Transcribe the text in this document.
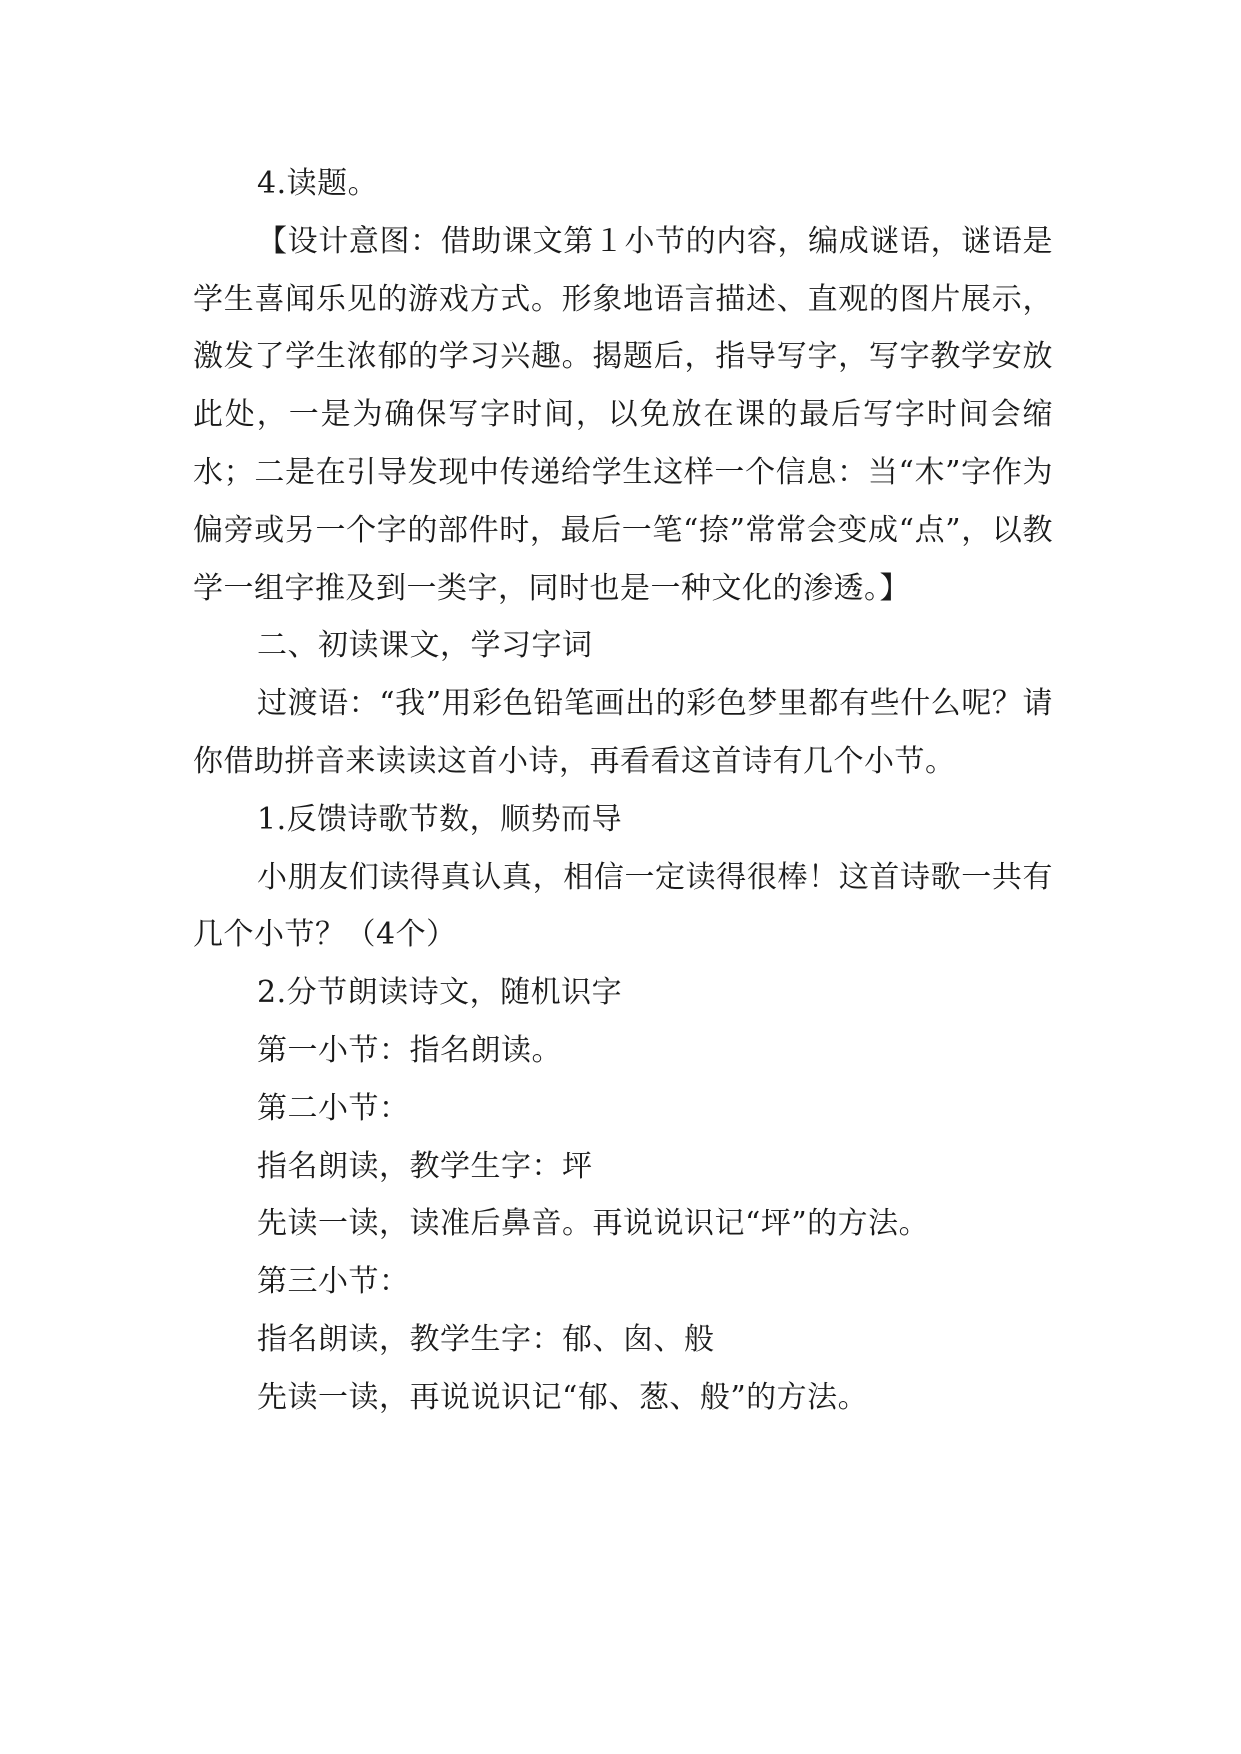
4.读题。

【设计意图：借助课文第１小节的内容，编成谜语，谜语是学生喜闻乐见的游戏方式。形象地语言描述、直观的图片展示，激发了学生浓郁的学习兴趣。揭题后，指导写字，写字教学安放此处，一是为确保写字时间，以免放在课的最后写字时间会缩水；二是在引导发现中传递给学生这样一个信息：当“木”字作为偏旁或另一个字的部件时，最后一笔“捺”常常会变成“点”，以教学一组字推及到一类字，同时也是一种文化的渗透。】

二、初读课文，学习字词

过渡语：“我”用彩色铅笔画出的彩色梦里都有些什么呢？请你借助拼音来读读这首小诗，再看看这首诗有几个小节。

1.反馈诗歌节数，顺势而导

小朋友们读得真认真，相信一定读得很棒！这首诗歌一共有几个小节？（4个）

2.分节朗读诗文，随机识字

第一小节：指名朗读。

第二小节：

指名朗读，教学生字：坪

先读一读，读准后鼻音。再说说识记“坪”的方法。

第三小节：

指名朗读，教学生字：郁、囱、般

先读一读，再说说识记“郁、葱、般”的方法。
